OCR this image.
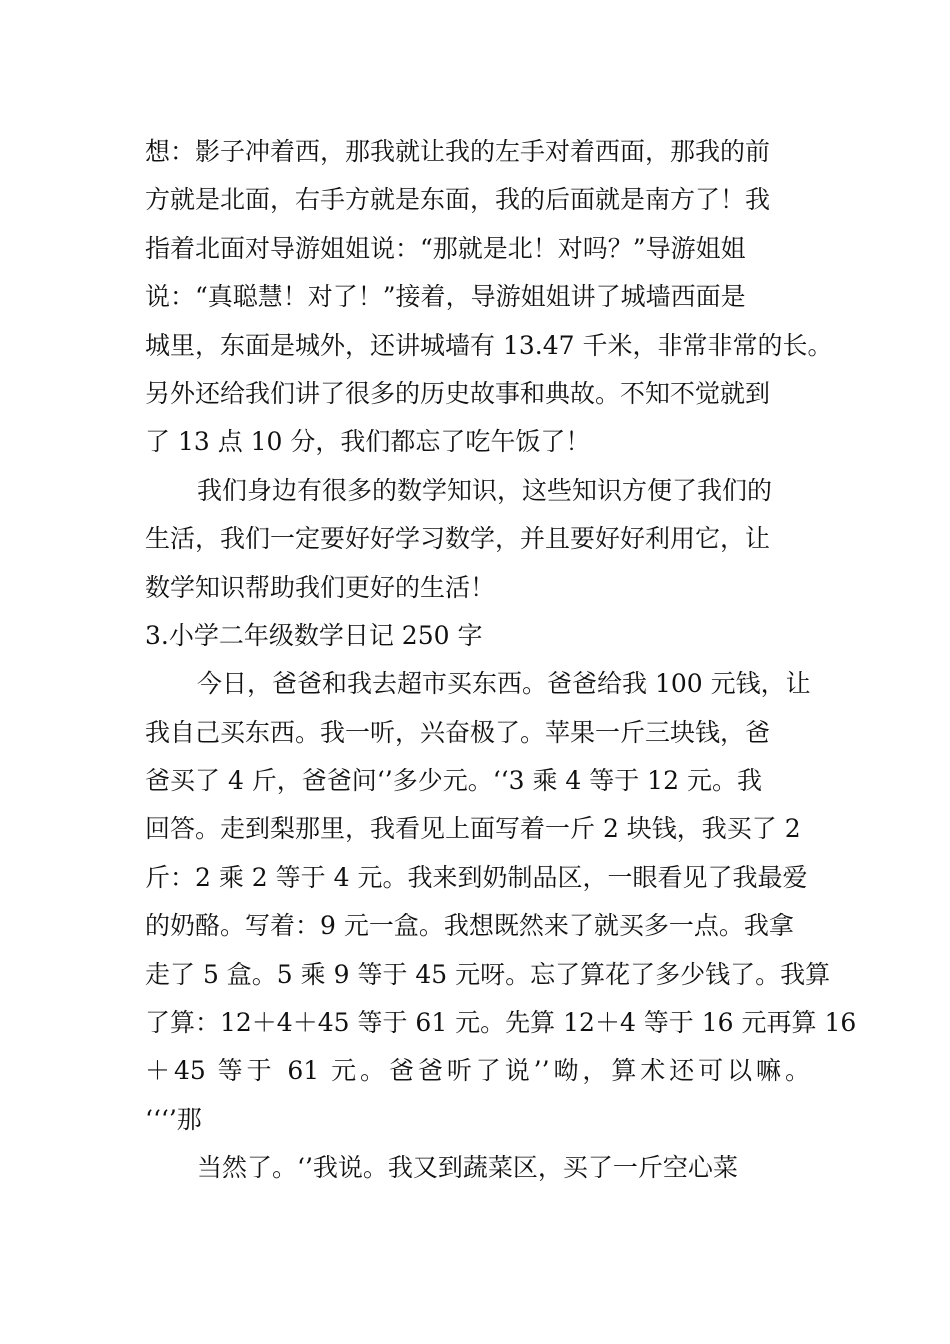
想：影子冲着西，那我就让我的左手对着西面，那我的前
方就是北面，右手方就是东面，我的后面就是南方了！我
指着北面对导游姐姐说：“那就是北！对吗？”导游姐姐
说：“真聪慧！对了！”接着，导游姐姐讲了城墙西面是
城里，东面是城外，还讲城墙有 13.47 千米，非常非常的长。
另外还给我们讲了很多的历史故事和典故。不知不觉就到
了 13 点 10 分，我们都忘了吃午饭了！
我们身边有很多的数学知识，这些知识方便了我们的
生活，我们一定要好好学习数学，并且要好好利用它，让
数学知识帮助我们更好的生活！
3.小学二年级数学日记 250 字
今日，爸爸和我去超市买东西。爸爸给我 100 元钱，让
我自己买东西。我一听，兴奋极了。苹果一斤三块钱，爸
爸买了 4 斤，爸爸问‘’多少元。‘‘3 乘 4 等于 12 元。我
回答。走到梨那里，我看见上面写着一斤 2 块钱，我买了 2
斤：2 乘 2 等于 4 元。我来到奶制品区，一眼看见了我最爱
的奶酪。写着：9 元一盒。我想既然来了就买多一点。我拿
走了 5 盒。5 乘 9 等于 45 元呀。忘了算花了多少钱了。我算
了算：12＋4＋45 等于 61 元。先算 12＋4 等于 16 元再算 16
＋45 等于 61 元。爸爸听了说’’呦，算术还可以嘛。
‘‘‘’那
当然了。‘’我说。我又到蔬菜区，买了一斤空心菜
